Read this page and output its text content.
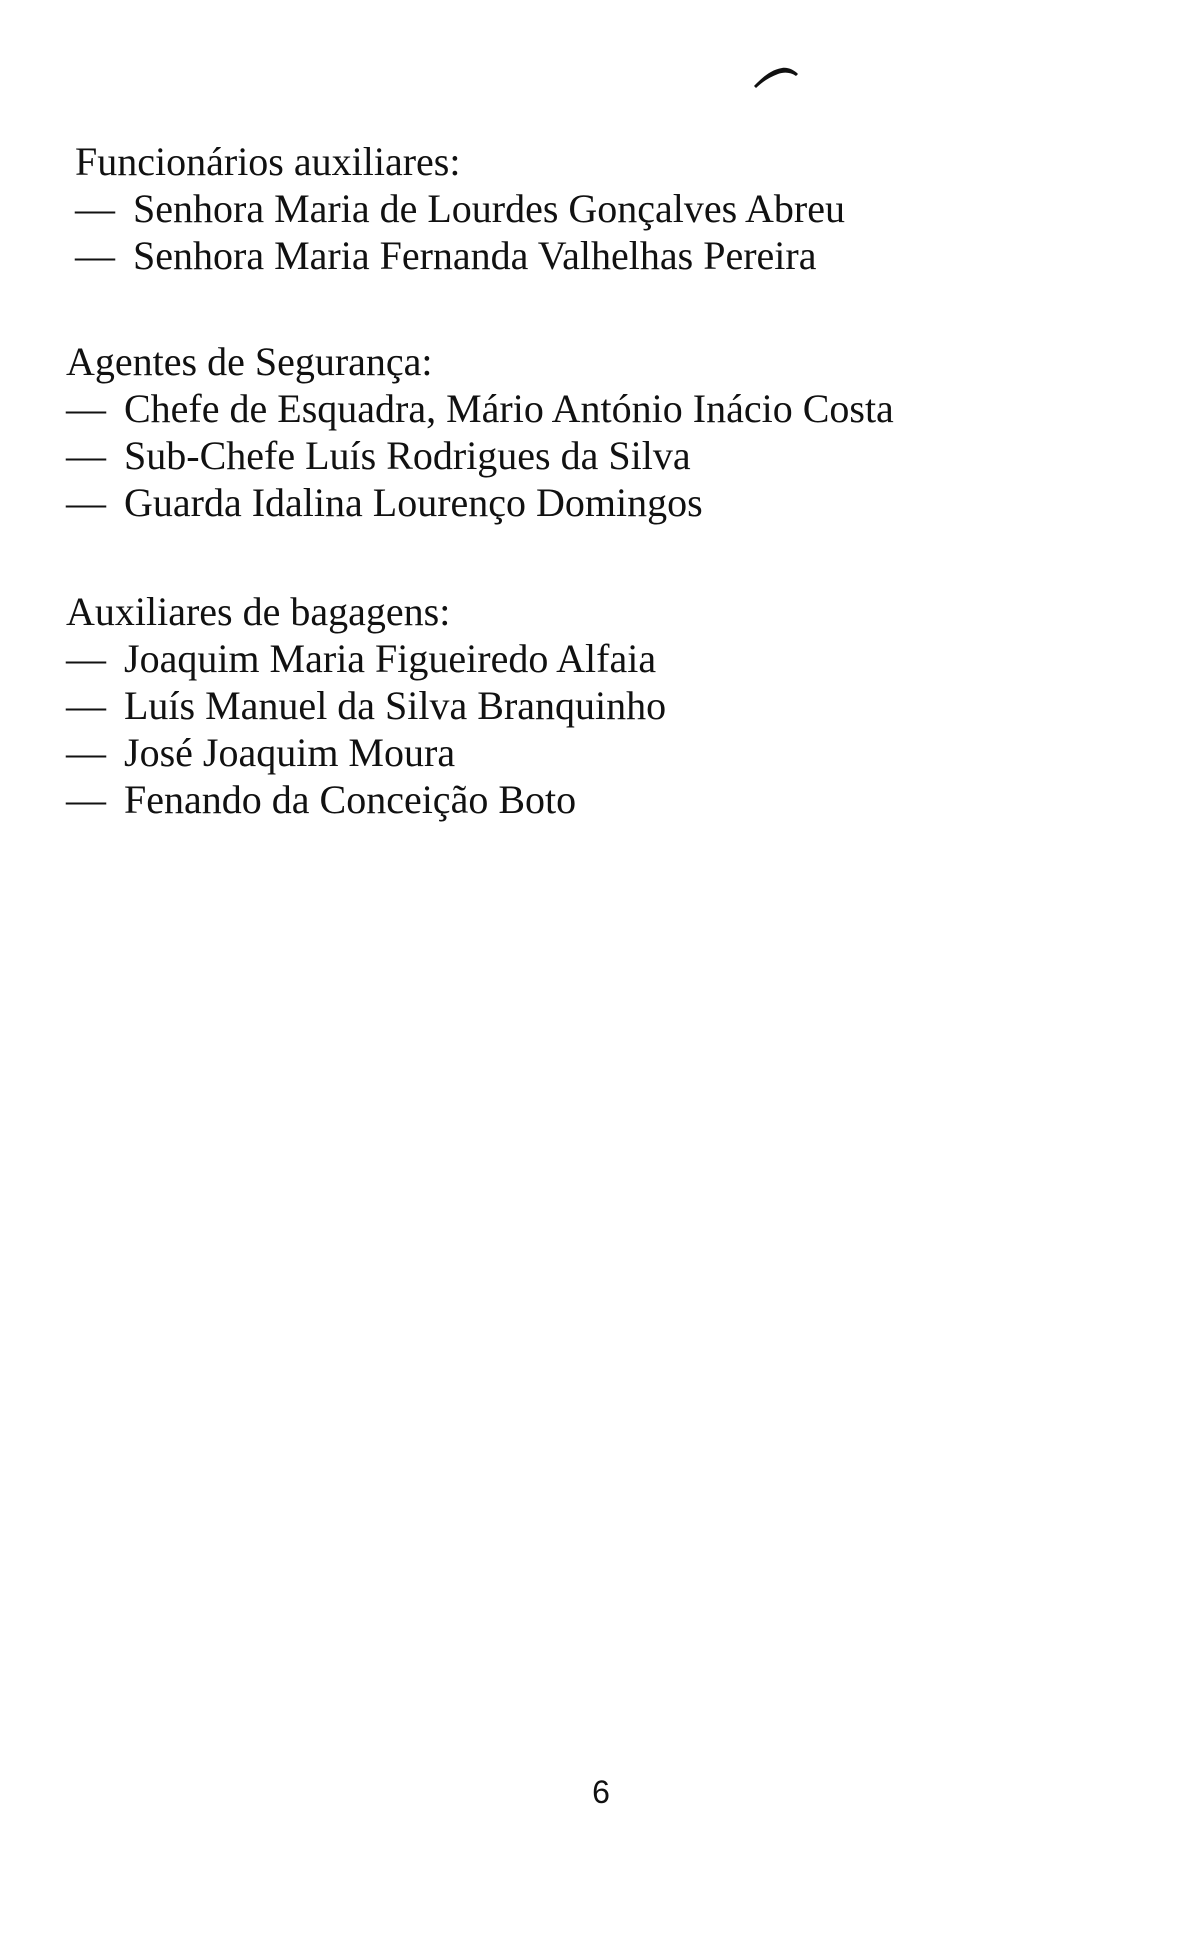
Funcionários auxiliares:

— Senhora Maria de Lourdes Gonçalves Abreu

— Senhora Maria Fernanda Valhelhas Pereira

Agentes de Segurança:

— Chefe de Esquadra, Mário António Inácio Costa

— Sub-Chefe Luís Rodrigues da Silva

— Guarda Idalina Lourenço Domingos

Auxiliares de bagagens:

— Joaquim Maria Figueiredo Alfaia

— Luís Manuel da Silva Branquinho

— José Joaquim Moura

— Fenando da Conceição Boto

6
